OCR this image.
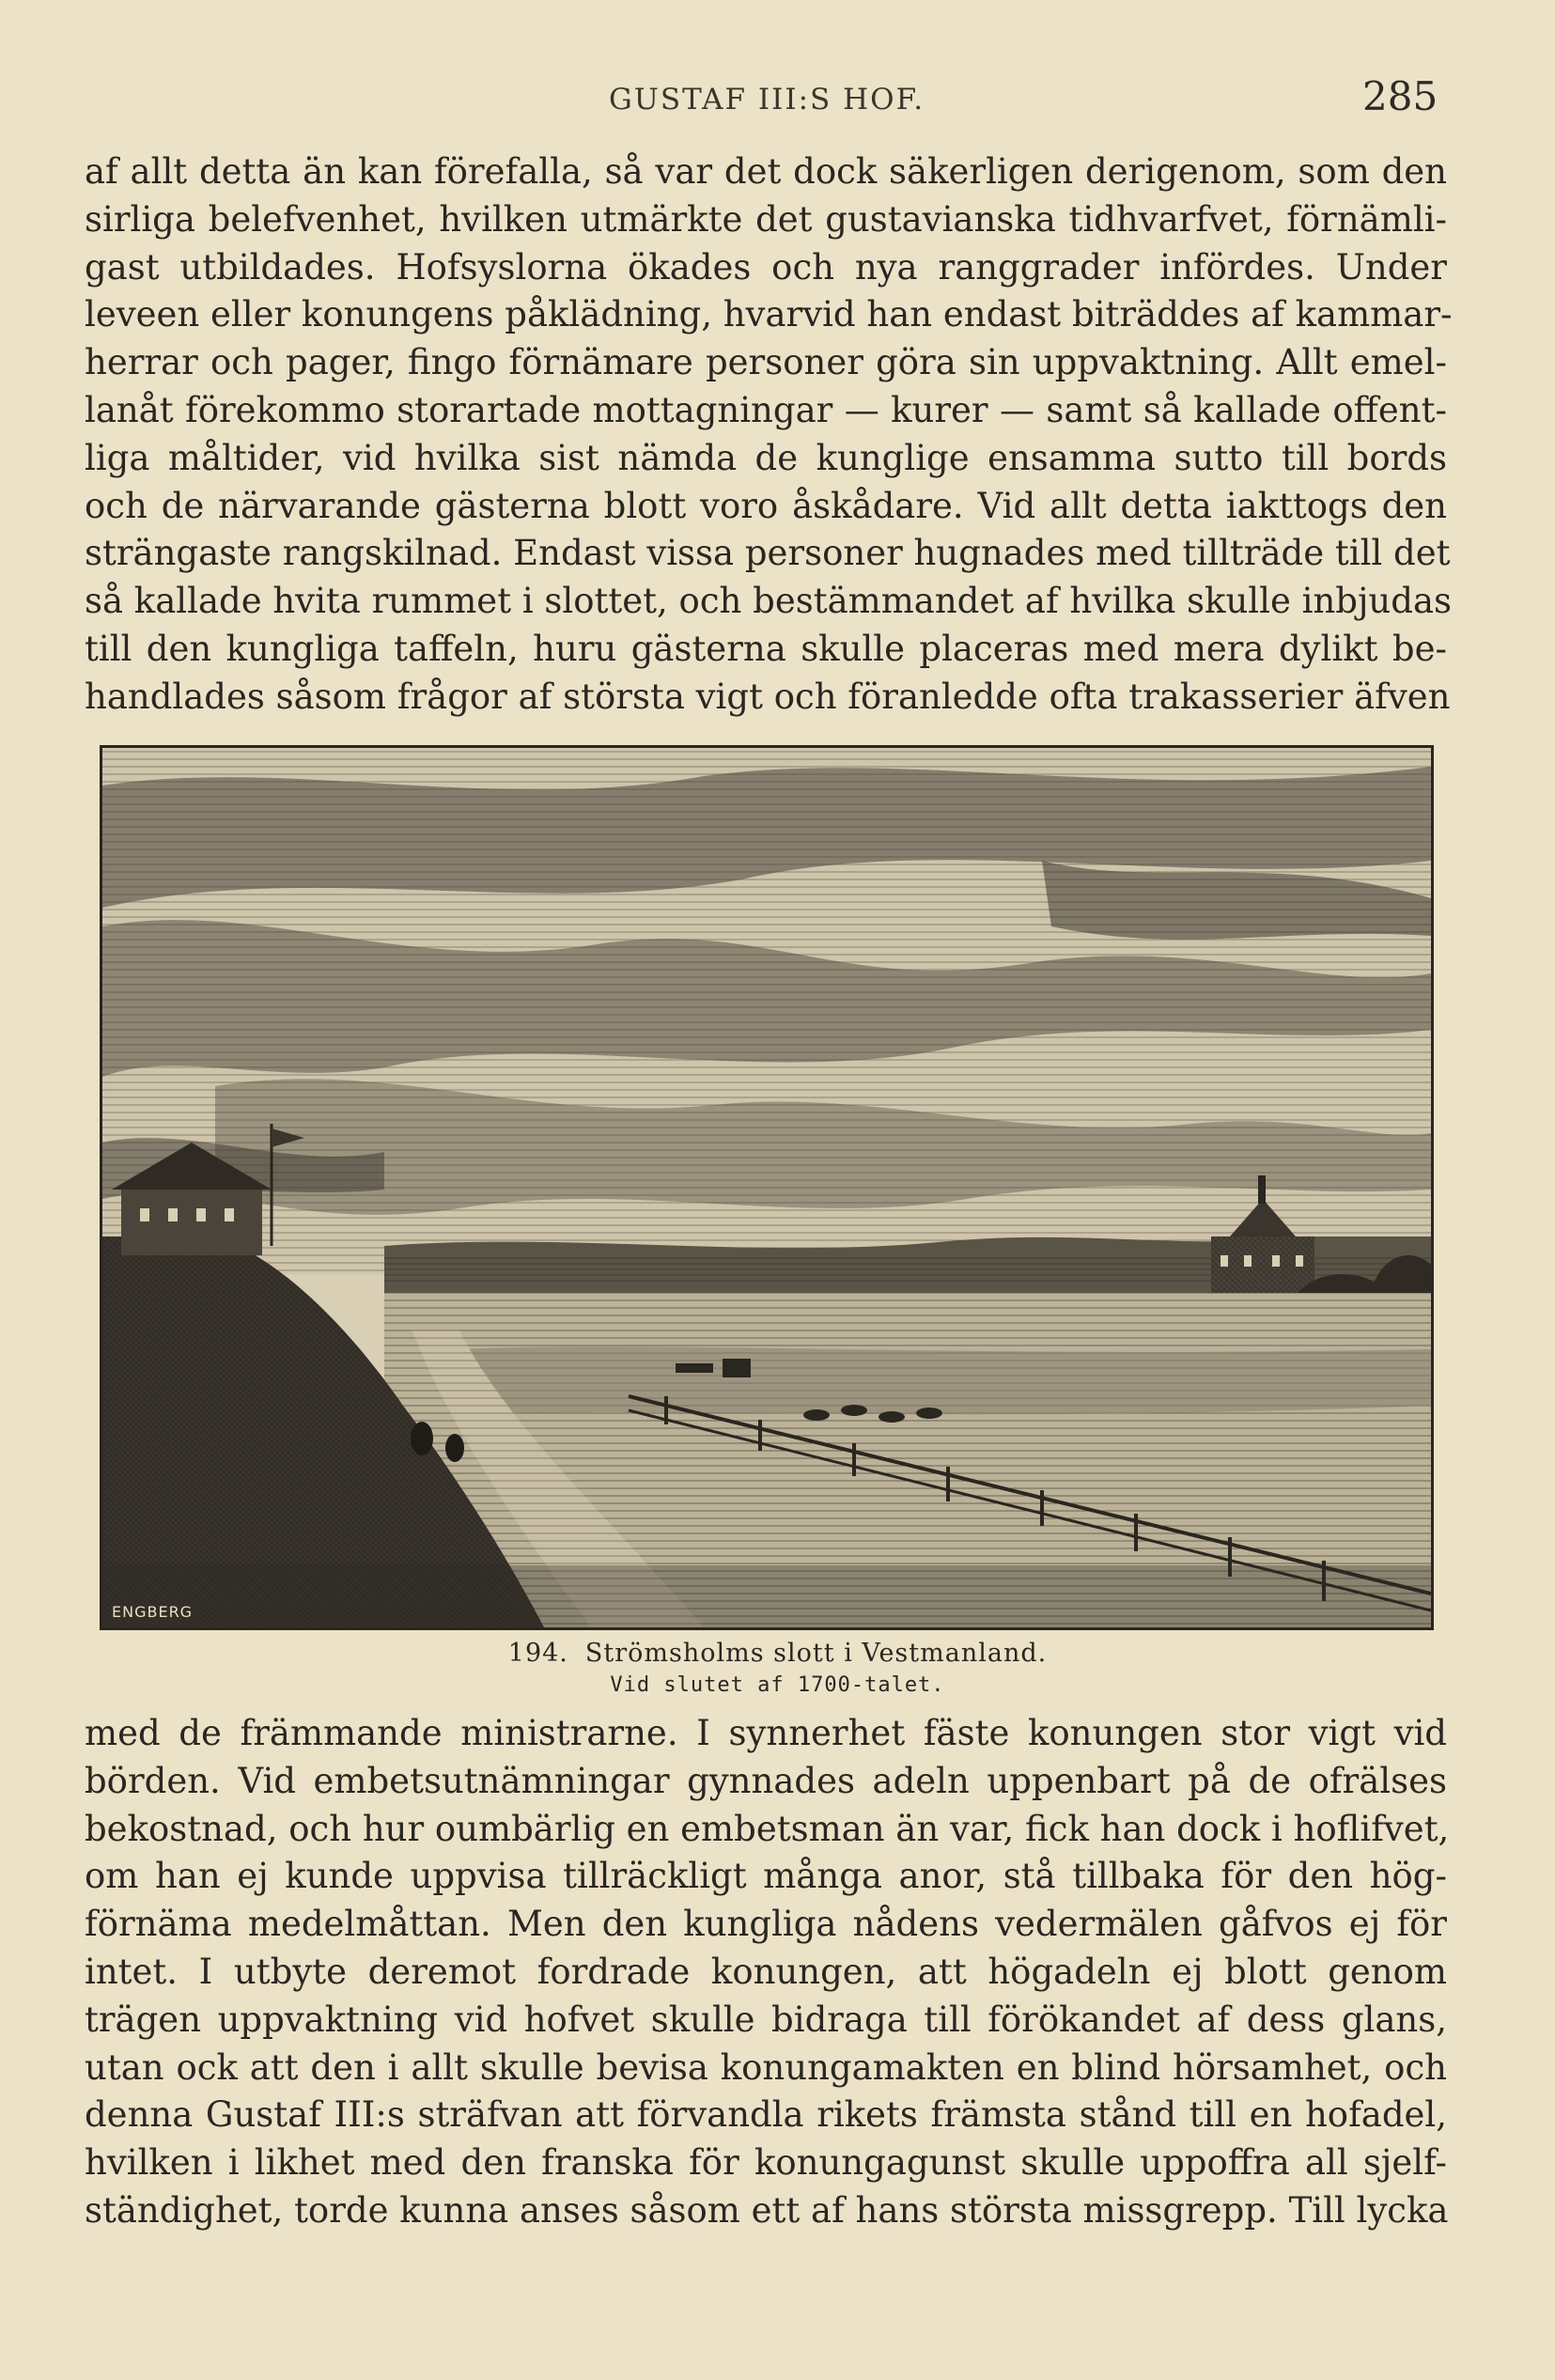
GUSTAF III:S HOF.	285
af allt detta än kan förefalla, så var det dock säkerligen derigenom, som den
sirliga belefvenhet, hvilken utmärkte det gustavianska tidhvarfvet, förnämli-
gast utbildades. Hofsyslorna ökades och nya ranggrader infördes. Under
leveen eller konungens påklädning, hvarvid han endast biträddes af kammar-
herrar och pager, fingo förnämare personer göra sin uppvaktning. Allt emel-
lanåt förekommo storartade mottagningar — kurer — samt så kallade offent-
liga måltider, vid hvilka sist nämda de kunglige ensamma sutto till bords
och de närvarande gästerna blott voro åskådare. Vid allt detta iakttogs den
strängaste rangskilnad. Endast vissa personer hugnades med tillträde till det
så kallade hvita rummet i slottet, och bestämmandet af hvilka skulle inbjudas
till den kungliga taffeln, huru gästerna skulle placeras med mera dylikt be-
handlades såsom frågor af största vigt och föranledde ofta trakasserier äfven
ENGBERG
194. Strömsholms slott i Vestmanland.
Vid slutet af 1700-talet.
med de främmande ministrarne. I synnerhet fäste konungen stor vigt vid
börden. Vid embetsutnämningar gynnades adeln uppenbart på de ofrälses
bekostnad, och hur oumbärlig en embetsman än var, fick han dock i hoflifvet,
om han ej kunde uppvisa tillräckligt många anor, stå tillbaka för den hög-
förnäma medelmåttan. Men den kungliga nådens vedermälen gåfvos ej för
intet. I utbyte deremot fordrade konungen, att högadeln ej blott genom
trägen uppvaktning vid hofvet skulle bidraga till förökandet af dess glans,
utan ock att den i allt skulle bevisa konungamakten en blind hörsamhet, och
denna Gustaf III:s sträfvan att förvandla rikets främsta stånd till en hofadel,
hvilken i likhet med den franska för konungagunst skulle uppoffra all sjelf-
ständighet, torde kunna anses såsom ett af hans största missgrepp. Till lycka
